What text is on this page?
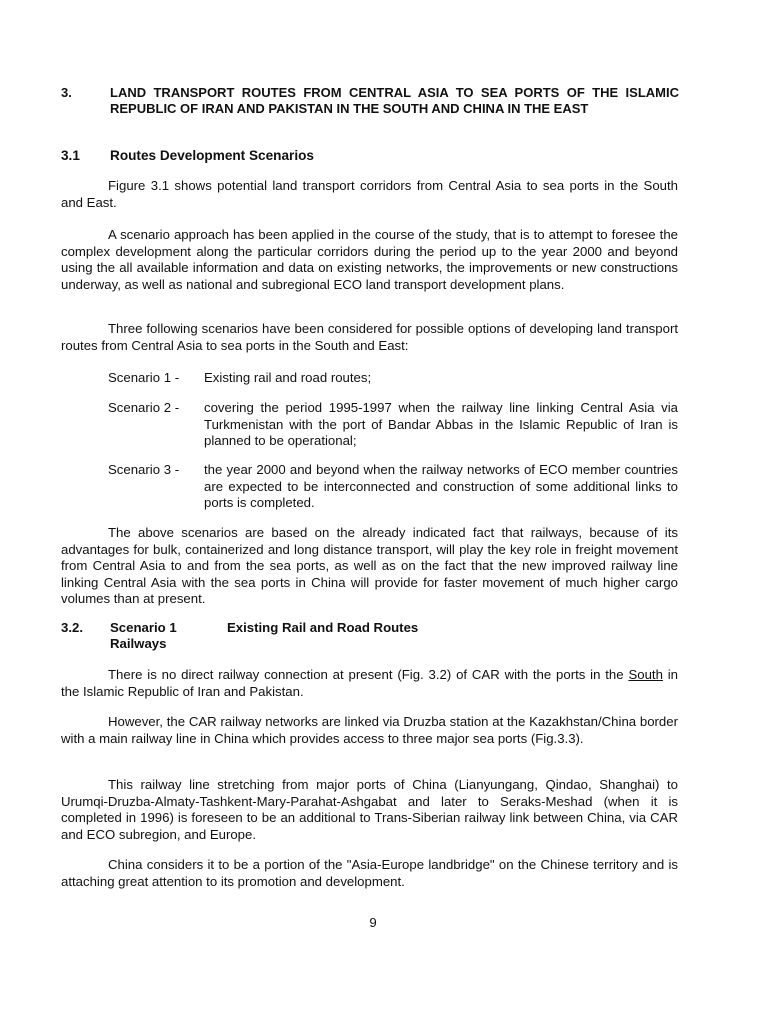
3.	LAND TRANSPORT ROUTES FROM CENTRAL ASIA TO SEA PORTS OF THE ISLAMIC REPUBLIC OF IRAN AND PAKISTAN IN THE SOUTH AND CHINA IN THE EAST
3.1 Routes Development Scenarios

Figure 3.1 shows potential land transport corridors from Central Asia to sea ports in the South and East.

A scenario approach has been applied in the course of the study, that is to attempt to foresee the complex development along the particular corridors during the period up to the year 2000 and beyond using the all available information and data on existing networks, the improvements or new constructions underway, as well as national and subregional ECO land transport development plans.

Three following scenarios have been considered for possible options of developing land transport routes from Central Asia to sea ports in the South and East:

Scenario 1 - Existing rail and road routes;
Scenario 2 - covering the period 1995-1997 when the railway line linking Central Asia via Turkmenistan with the port of Bandar Abbas in the Islamic Republic of Iran is planned to be operational;
Scenario 3 - the year 2000 and beyond when the railway networks of ECO member countries are expected to be interconnected and construction of some additional links to ports is completed.

The above scenarios are based on the already indicated fact that railways, because of its advantages for bulk, containerized and long distance transport, will play the key role in freight movement from Central Asia to and from the sea ports, as well as on the fact that the new improved railway line linking Central Asia with the sea ports in China will provide for faster movement of much higher cargo volumes than at present.

3.2. Scenario 1	Existing Rail and Road Routes
Railways

There is no direct railway connection at present (Fig. 3.2) of CAR with the ports in the South in the Islamic Republic of Iran and Pakistan.

However, the CAR railway networks are linked via Druzba station at the Kazakhstan/China border with a main railway line in China which provides access to three major sea ports (Fig.3.3).

This railway line stretching from major ports of China (Lianyungang, Qindao, Shanghai) to Urumqi-Druzba-Almaty-Tashkent-Mary-Parahat-Ashgabat and later to Seraks-Meshad (when it is completed in 1996) is foreseen to be an additional to Trans-Siberian railway link between China, via CAR and ECO subregion, and Europe.

China considers it to be a portion of the "Asia-Europe landbridge" on the Chinese territory and is attaching great attention to its promotion and development.

9
